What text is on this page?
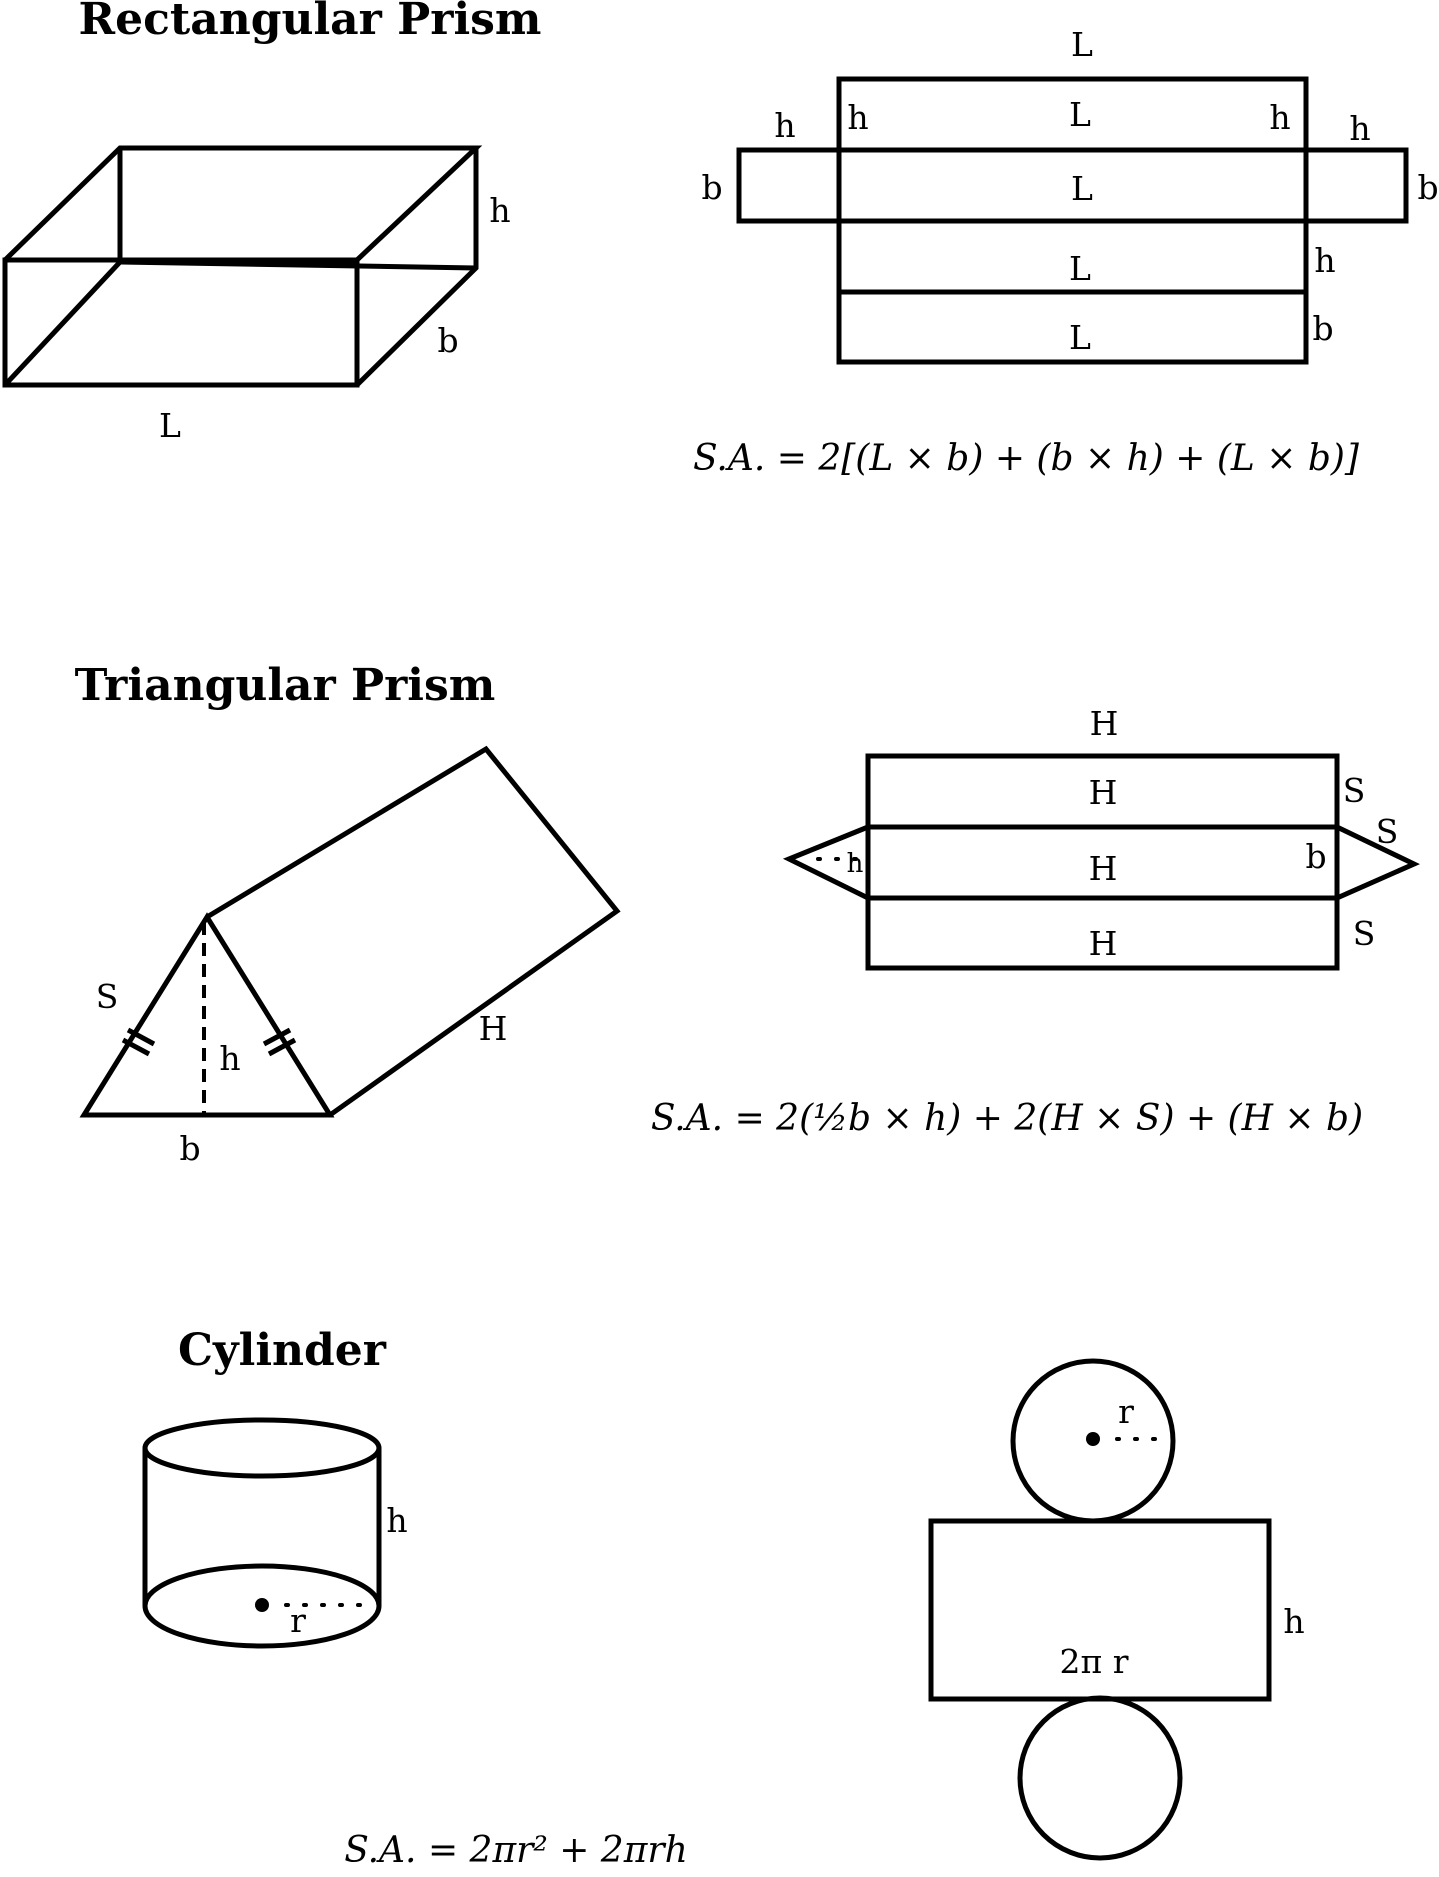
Rectangular Prism
h
b
L
L
L
h	h
h	h
b	b
L
L	h
L	b
S.A. = 2[(L × b) + (b × h) + (L × b)]
Triangular Prism
S
h
b
H
H
H	S
H	b
S
h
H	S
S.A. = 2(½b × h) + 2(H × S) + (H × b)
Cylinder
h
r
r
h
2π r
S.A. = 2πr² + 2πrh
